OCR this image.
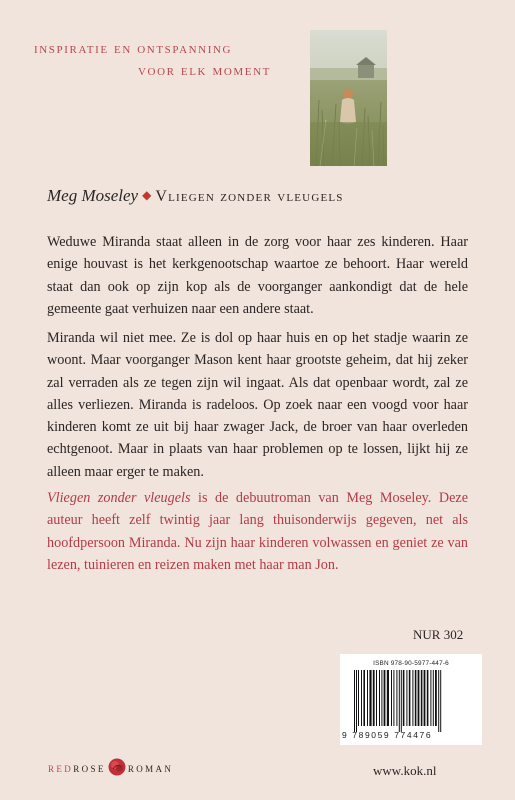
inspiratie en ontspanning
voor elk moment
Meg Moseley ◆ Vliegen zonder vleugels

Weduwe Miranda staat alleen in de zorg voor haar zes kinderen. Haar enige houvast is het kerkgenootschap waartoe ze behoort. Haar wereld staat dan ook op zijn kop als de voorganger aankondigt dat de hele gemeente gaat verhuizen naar een andere staat.

Miranda wil niet mee. Ze is dol op haar huis en op het stadje waarin ze woont. Maar voorganger Mason kent haar grootste geheim, dat hij zeker zal verraden als ze tegen zijn wil ingaat. Als dat openbaar wordt, zal ze alles verliezen. Miranda is radeloos. Op zoek naar een voogd voor haar kinderen komt ze uit bij haar zwager Jack, de broer van haar overleden echtgenoot. Maar in plaats van haar problemen op te lossen, lijkt hij ze alleen maar erger te maken.

Vliegen zonder vleugels is de debuutroman van Meg Moseley. Deze auteur heeft zelf twintig jaar lang thuisonderwijs gegeven, net als hoofdpersoon Miranda. Nu zijn haar kinderen volwassen en geniet ze van lezen, tuinieren en reizen maken met haar man Jon.

NUR 302
ISBN 978-90-5977-447-6
9 789059 774476
redrose roman	www.kok.nl
